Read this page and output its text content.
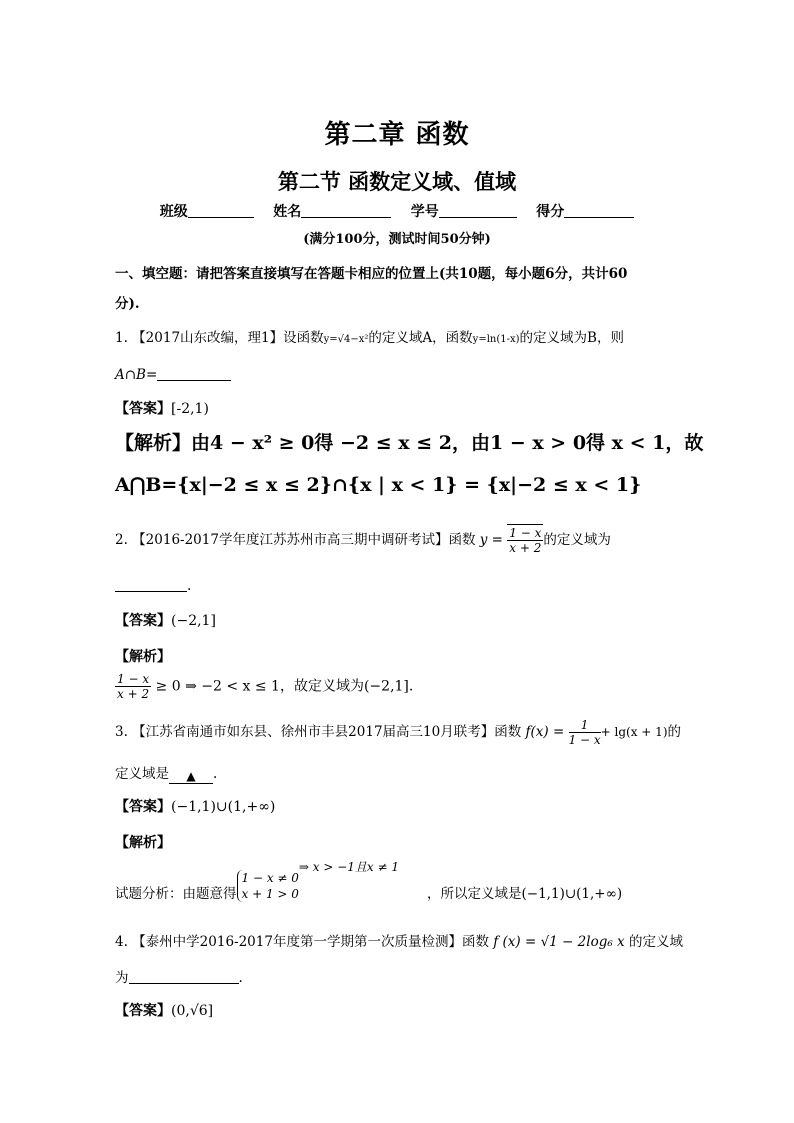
第二章 函数
第二节 函数定义域、值域
班级	姓名	学号	得分
(满分100分，测试时间50分钟)
一、填空题：请把答案直接填写在答题卡相应的位置上(共10题，每小题6分，共计60
分).
1. 【2017山东改编，理1】设函数y=√4−x²的定义域A，函数y=ln(1-x)的定义域为B，则
A∩B=
【答案】[-2,1)
【解析】由4 − x² ≥ 0得 −2 ≤ x ≤ 2，由1 − x > 0得 x < 1，故
A⋂B={x|−2 ≤ x ≤ 2}∩{x | x < 1} = {x|−2 ≤ x < 1}
2. 【2016-2017学年度江苏苏州市高三期中调研考试】函数 $y = \frac{1 - x}{x + 2}$ 的定义域为
.
【答案】(−2,1]
【解析】
$\frac{1 - x}{x + 2} \ge 0$ ⇒ −2 < x ≤ 1，故定义域为(−2,1].
3. 【江苏省南通市如东县、徐州市丰县2017届高三10月联考】函数 $f(x) = \frac{1}{1 - x} + \lg(x + 1)$的
定义域是 ▲ .
【答案】(−1,1)∪(1,+∞)
【解析】
试题分析：由题意得
1 − x ≠ 0
x + 1 > 0
⇒ x > −1且x ≠ 1，所以定义域是(−1,1)∪(1,+∞)
4. 【泰州中学2016-2017年度第一学期第一次质量检测】函数 f (x) = √1 − 2log₆ x 的定义域
为	.
【答案】(0,√6]
